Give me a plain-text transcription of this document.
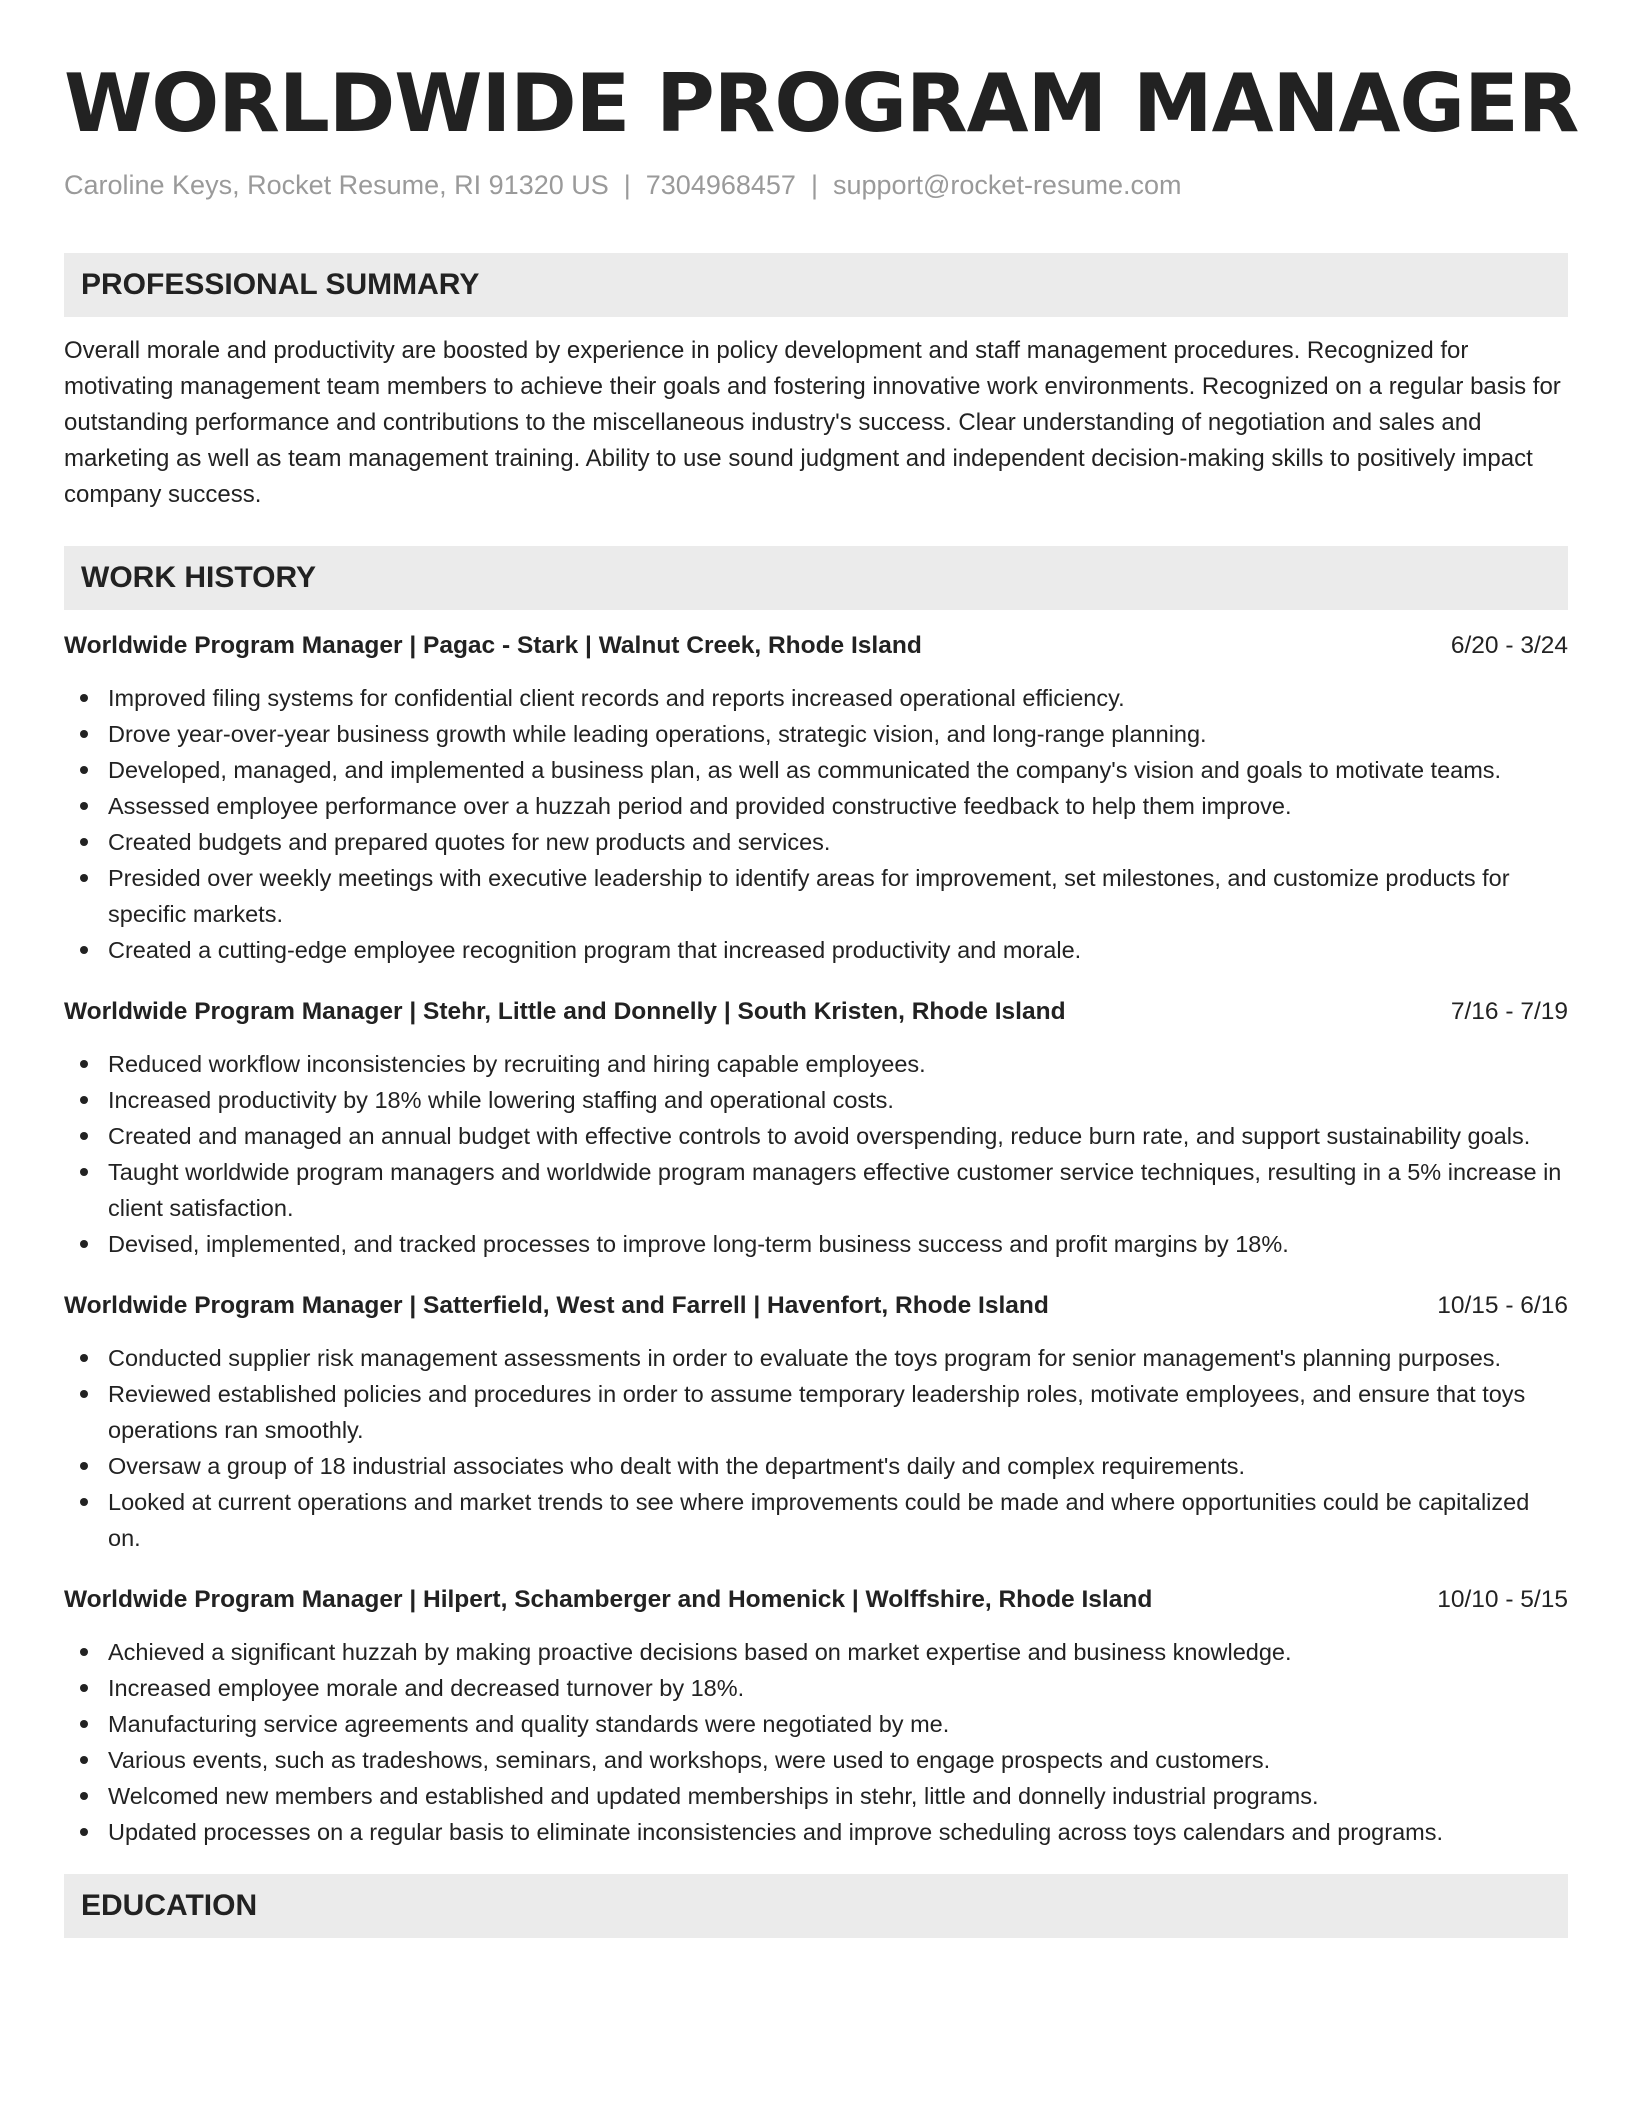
WORLDWIDE PROGRAM MANAGER
Caroline Keys, Rocket Resume, RI 91320 US | 7304968457 | support@rocket-resume.com
PROFESSIONAL SUMMARY

Overall morale and productivity are boosted by experience in policy development and staff management procedures. Recognized for motivating management team members to achieve their goals and fostering innovative work environments. Recognized on a regular basis for outstanding performance and contributions to the miscellaneous industry's success. Clear understanding of negotiation and sales and marketing as well as team management training. Ability to use sound judgment and independent decision-making skills to positively impact company success.

WORK HISTORY
Worldwide Program Manager | Pagac - Stark | Walnut Creek, Rhode Island	6/20 - 3/24
Improved filing systems for confidential client records and reports increased operational efficiency.
Drove year-over-year business growth while leading operations, strategic vision, and long-range planning.
Developed, managed, and implemented a business plan, as well as communicated the company's vision and goals to motivate teams.
Assessed employee performance over a huzzah period and provided constructive feedback to help them improve.
Created budgets and prepared quotes for new products and services.
Presided over weekly meetings with executive leadership to identify areas for improvement, set milestones, and customize products for specific markets.
Created a cutting-edge employee recognition program that increased productivity and morale.
Worldwide Program Manager | Stehr, Little and Donnelly | South Kristen, Rhode Island	7/16 - 7/19
Reduced workflow inconsistencies by recruiting and hiring capable employees.
Increased productivity by 18% while lowering staffing and operational costs.
Created and managed an annual budget with effective controls to avoid overspending, reduce burn rate, and support sustainability goals.
Taught worldwide program managers and worldwide program managers effective customer service techniques, resulting in a 5% increase in client satisfaction.
Devised, implemented, and tracked processes to improve long-term business success and profit margins by 18%.
Worldwide Program Manager | Satterfield, West and Farrell | Havenfort, Rhode Island	10/15 - 6/16
Conducted supplier risk management assessments in order to evaluate the toys program for senior management's planning purposes.
Reviewed established policies and procedures in order to assume temporary leadership roles, motivate employees, and ensure that toys operations ran smoothly.
Oversaw a group of 18 industrial associates who dealt with the department's daily and complex requirements.
Looked at current operations and market trends to see where improvements could be made and where opportunities could be capitalized on.
Worldwide Program Manager | Hilpert, Schamberger and Homenick | Wolffshire, Rhode Island	10/10 - 5/15
Achieved a significant huzzah by making proactive decisions based on market expertise and business knowledge.
Increased employee morale and decreased turnover by 18%.
Manufacturing service agreements and quality standards were negotiated by me.
Various events, such as tradeshows, seminars, and workshops, were used to engage prospects and customers.
Welcomed new members and established and updated memberships in stehr, little and donnelly industrial programs.
Updated processes on a regular basis to eliminate inconsistencies and improve scheduling across toys calendars and programs.
EDUCATION
